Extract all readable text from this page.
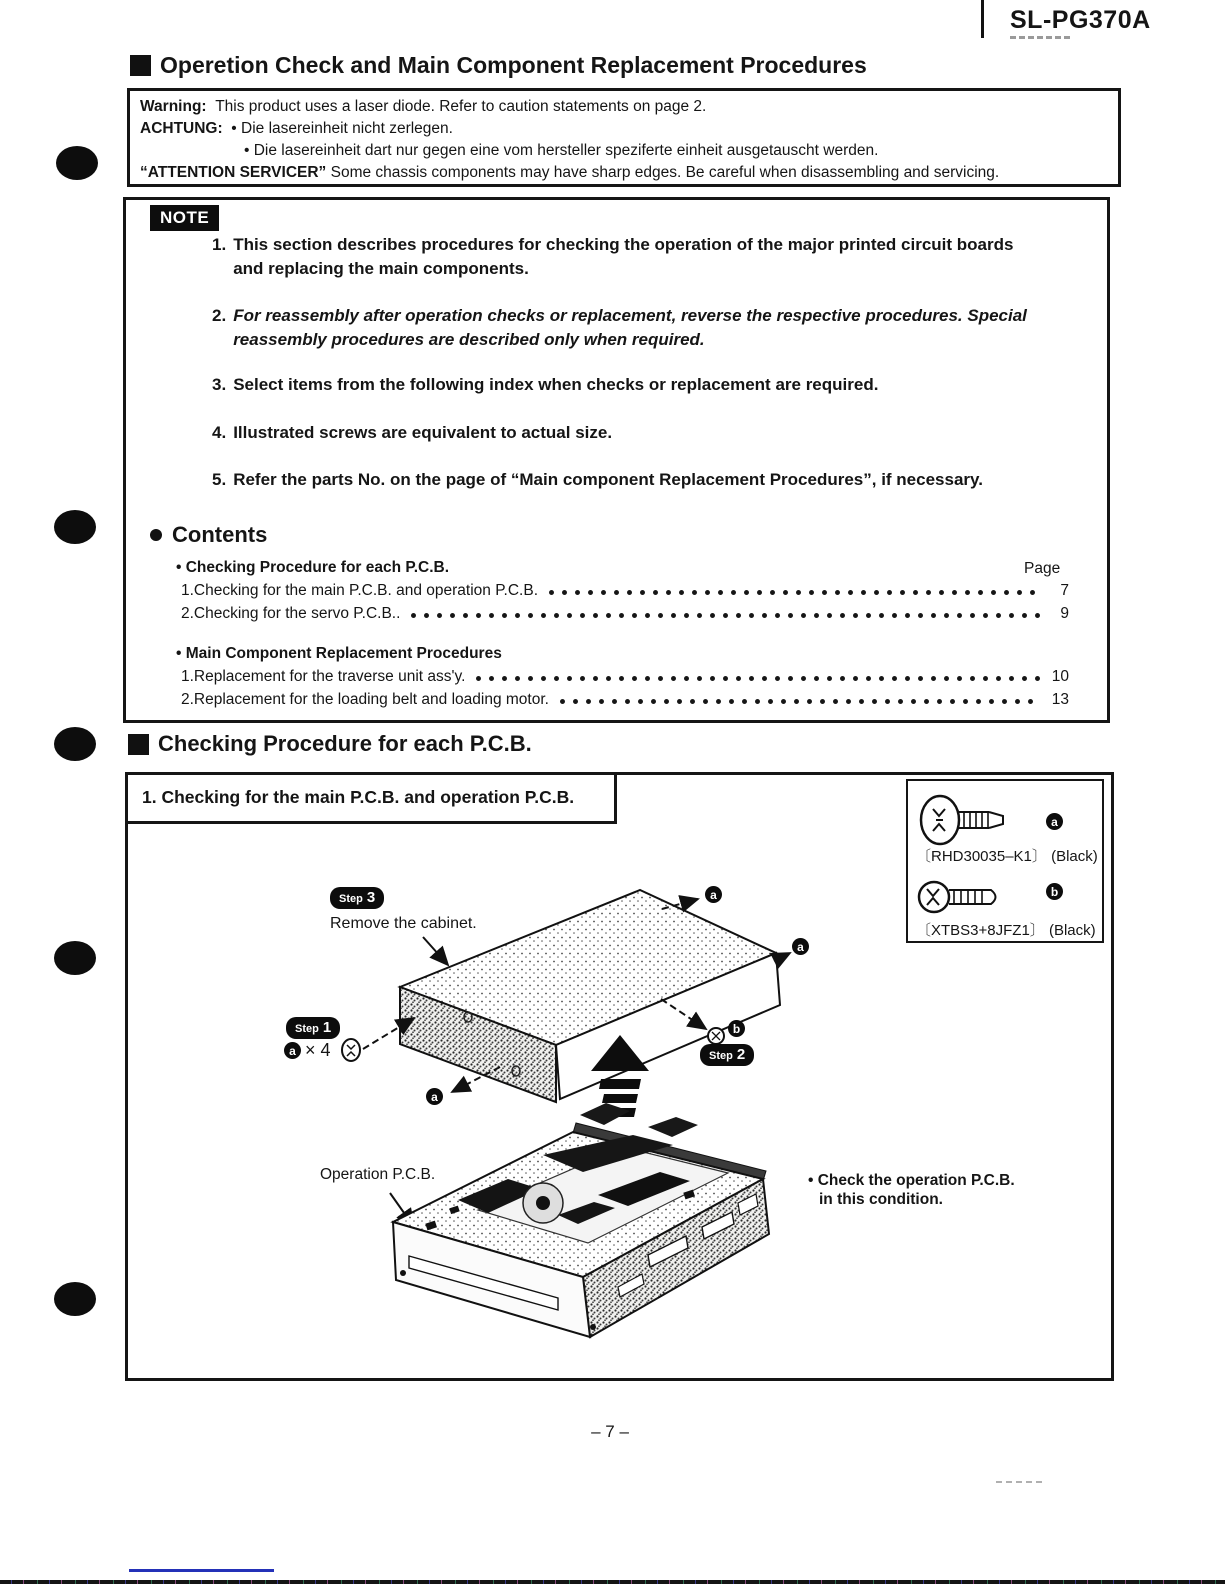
SL-PG370A
Operetion Check and Main Component Replacement Procedures
Warning: This product uses a laser diode. Refer to caution statements on page 2.
ACHTUNG: • Die lasereinheit nicht zerlegen.
• Die lasereinheit dart nur gegen eine vom hersteller speziferte einheit ausgetauscht werden.
“ATTENTION SERVICER” Some chassis components may have sharp edges. Be careful when disassembling and servicing.
NOTE
1. This section describes procedures for checking the operation of the major printed circuit boards and replacing the main components.
2. For reassembly after operation checks or replacement, reverse the respective procedures. Special reassembly procedures are described only when required.
3. Select items from the following index when checks or replacement are required.
4. Illustrated screws are equivalent to actual size.
5. Refer the parts No. on the page of “Main component Replacement Procedures”, if necessary.
Contents
Page
• Checking Procedure for each P.C.B.
1.Checking for the main P.C.B. and operation P.C.B.	7
2.Checking for the servo P.C.B..	9
• Main Component Replacement Procedures
1.Replacement for the traverse unit ass'y.	10
2.Replacement for the loading belt and loading motor.	13
Checking Procedure for each P.C.B.
1. Checking for the main P.C.B. and operation P.C.B.
a
〔RHD30035–K1〕 (Black)
b
〔XTBS3+8JFZ1〕 (Black)
Step 3
Remove the cabinet.
a
a
a
b
Step 2
Step 1
a × 4
Operation P.C.B.	• Check the operation P.C.B.
in this condition.
– 7 –
